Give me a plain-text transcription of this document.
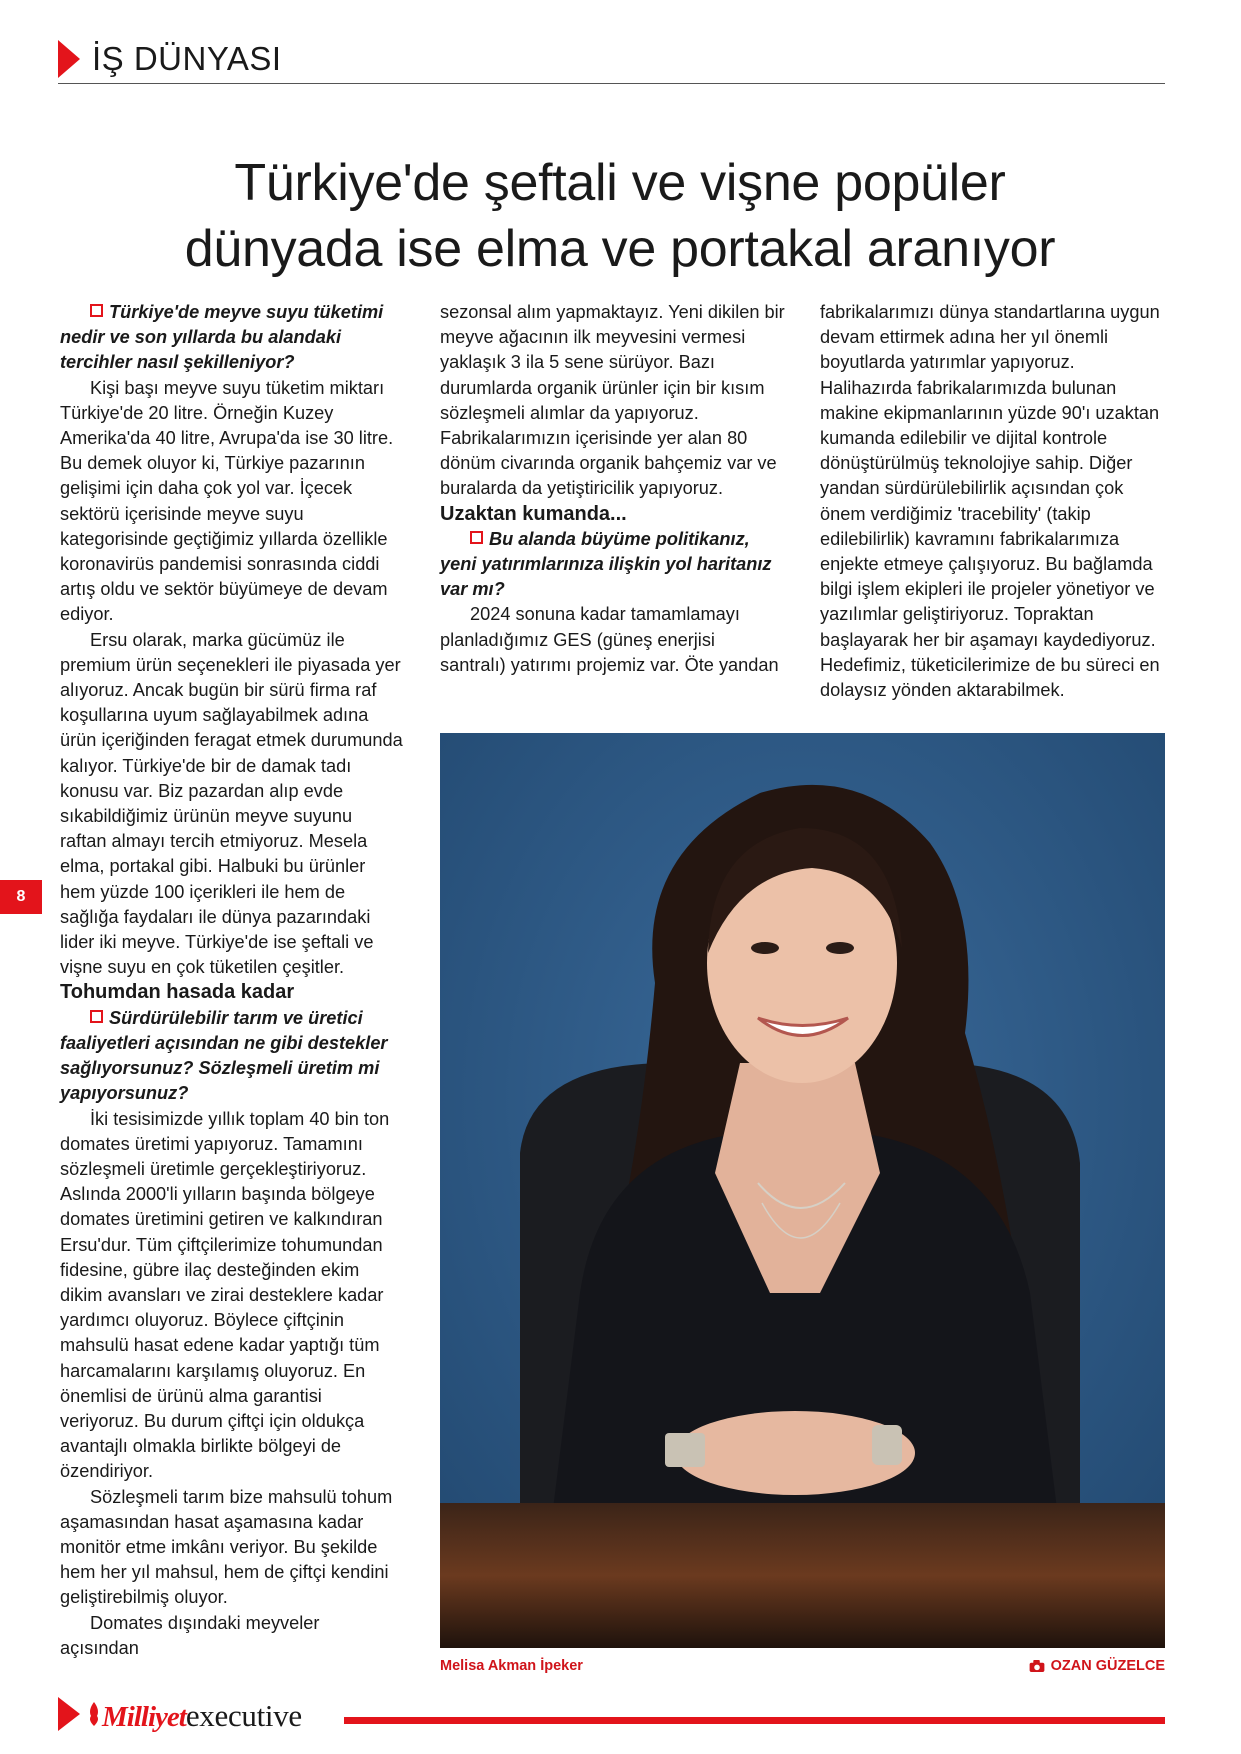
İŞ DÜNYASI
Türkiye'de şeftali ve vişne popüler
dünyada ise elma ve portakal aranıyor

Türkiye'de meyve suyu tüketimi nedir ve son yıllarda bu alandaki tercihler nasıl şekilleniyor?

Kişi başı meyve suyu tüketim miktarı Türkiye'de 20 litre. Örneğin Kuzey Amerika'da 40 litre, Avrupa'da ise 30 litre. Bu demek oluyor ki, Türkiye pazarının gelişimi için daha çok yol var. İçecek sektörü içerisinde meyve suyu kategorisinde geçtiğimiz yıllarda özellikle koronavirüs pandemisi sonrasında ciddi artış oldu ve sektör büyümeye de devam ediyor.

Ersu olarak, marka gücümüz ile premium ürün seçenekleri ile piyasada yer alıyoruz. Ancak bugün bir sürü firma raf koşullarına uyum sağlayabilmek adına ürün içeriğinden feragat etmek durumunda kalıyor. Türkiye'de bir de damak tadı konusu var. Biz pazardan alıp evde sıkabildiğimiz ürünün meyve suyunu raftan almayı tercih etmiyoruz. Mesela elma, portakal gibi. Halbuki bu ürünler hem yüzde 100 içerikleri ile hem de sağlığa faydaları ile dünya pazarındaki lider iki meyve. Türkiye'de ise şeftali ve vişne suyu en çok tüketilen çeşitler.

Tohumdan hasada kadar

Sürdürülebilir tarım ve üretici faaliyetleri açısından ne gibi destekler sağlıyorsunuz? Sözleşmeli üretim mi yapıyorsunuz?

İki tesisimizde yıllık toplam 40 bin ton domates üretimi yapıyoruz. Tamamını sözleşmeli üretimle gerçekleştiriyoruz. Aslında 2000'li yılların başında bölgeye domates üretimini getiren ve kalkındıran Ersu'dur. Tüm çiftçilerimize tohumundan fidesine, gübre ilaç desteğinden ekim dikim avansları ve zirai desteklere kadar yardımcı oluyoruz. Böylece çiftçinin mahsulü hasat edene kadar yaptığı tüm harcamalarını karşılamış oluyoruz. En önemlisi de ürünü alma garantisi veriyoruz. Bu durum çiftçi için oldukça avantajlı olmakla birlikte bölgeyi de özendiriyor.

Sözleşmeli tarım bize mahsulü tohum aşamasından hasat aşamasına kadar monitör etme imkânı veriyor. Bu şekilde hem her yıl mahsul, hem de çiftçi kendini geliştirebilmiş oluyor.

Domates dışındaki meyveler açısından

sezonsal alım yapmaktayız. Yeni dikilen bir meyve ağacının ilk meyvesini vermesi yaklaşık 3 ila 5 sene sürüyor. Bazı durumlarda organik ürünler için bir kısım sözleşmeli alımlar da yapıyoruz. Fabrikalarımızın içerisinde yer alan 80 dönüm civarında organik bahçemiz var ve buralarda da yetiştiricilik yapıyoruz.

Uzaktan kumanda...

Bu alanda büyüme politikanız, yeni yatırımlarınıza ilişkin yol haritanız var mı?

2024 sonuna kadar tamamlamayı planladığımız GES (güneş enerjisi santralı) yatırımı projemiz var. Öte yandan

fabrikalarımızı dünya standartlarına uygun devam ettirmek adına her yıl önemli boyutlarda yatırımlar yapıyoruz. Halihazırda fabrikalarımızda bulunan makine ekipmanlarının yüzde 90'ı uzaktan kumanda edilebilir ve dijital kontrole dönüştürülmüş teknolojiye sahip. Diğer yandan sürdürülebilirlik açısından çok önem verdiğimiz 'tracebility' (takip edilebilirlik) kavramını fabrikalarımıza enjekte etmeye çalışıyoruz. Bu bağlamda bilgi işlem ekipleri ile projeler yönetiyor ve yazılımlar geliştiriyoruz. Topraktan başlayarak her bir aşamayı kaydediyoruz. Hedefimiz, tüketicilerimize de bu süreci en dolaysız yönden aktarabilmek.

8
Melisa Akman İpeker	OZAN GÜZELCE
Milliyet executive
